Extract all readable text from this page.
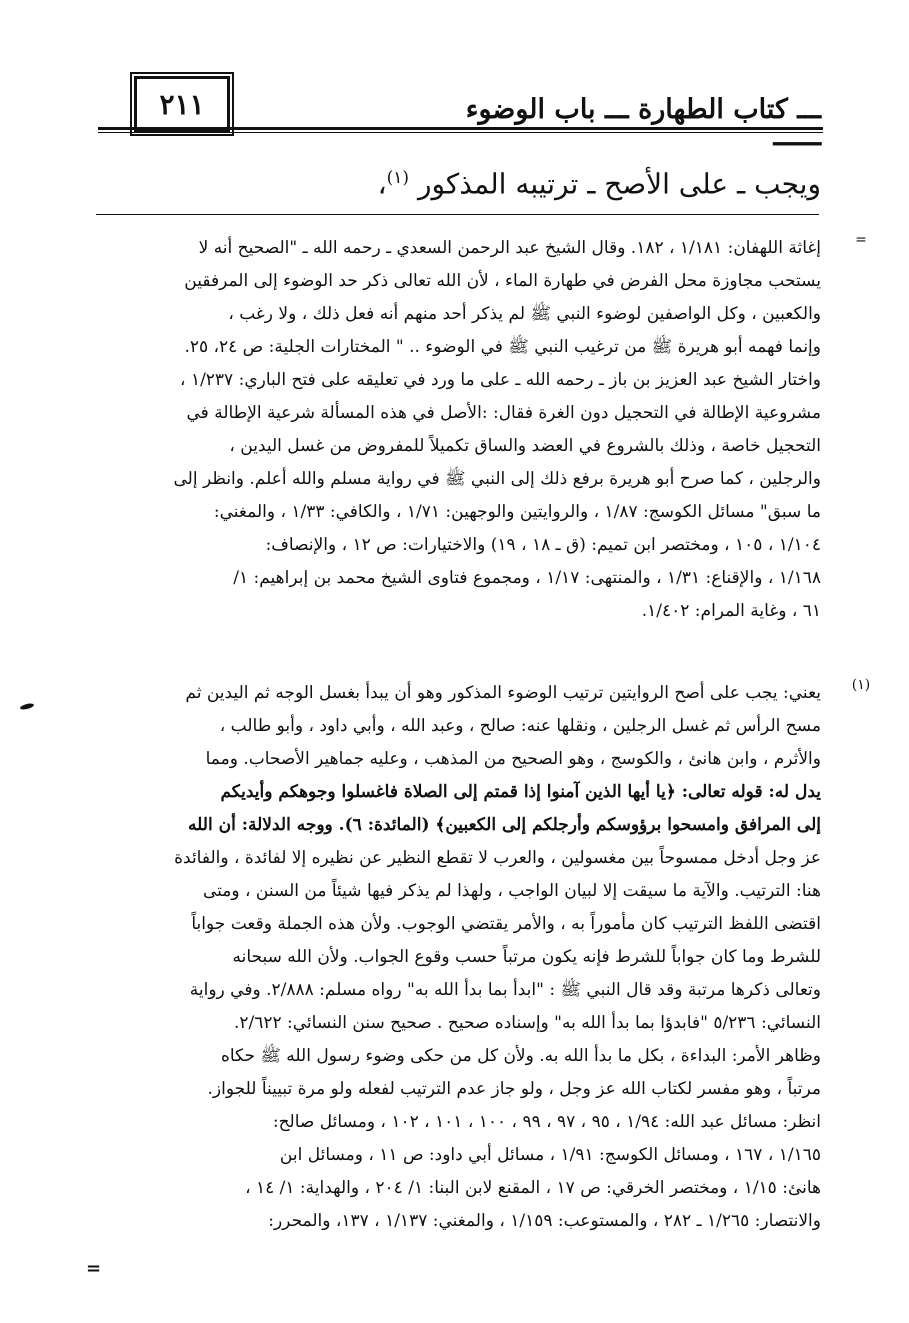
٢١١	ـــ كتاب الطهارة ـــ باب الوضوء ــــــ
ويجب ـ على الأصح ـ ترتيبه المذكور $^{(١)}$،
=
إغاثة اللهفان: ١/١٨١ ، ١٨٢. وقال الشيخ عبد الرحمن السعدي ـ رحمه الله ـ "الصحيح أنه لا
يستحب مجاوزة محل الفرض في طهارة الماء ، لأن الله تعالى ذكر حد الوضوء إلى المرفقين
والكعبين ، وكل الواصفين لوضوء النبي ﷺ لم يذكر أحد منهم أنه فعل ذلك ، ولا رغب ،
وإنما فهمه أبو هريرة ﷺ من ترغيب النبي ﷺ في الوضوء .. " المختارات الجلية: ص ٢٤، ٢٥.
واختار الشيخ عبد العزيز بن باز ـ رحمه الله ـ على ما ورد في تعليقه على فتح الباري: ١/٢٣٧ ،
مشروعية الإطالة في التحجيل دون الغرة فقال: :الأصل في هذه المسألة شرعية الإطالة في
التحجيل خاصة ، وذلك بالشروع في العضد والساق تكميلاً للمفروض من غسل اليدين ،
والرجلين ، كما صرح أبو هريرة برفع ذلك إلى النبي ﷺ في رواية مسلم والله أعلم. وانظر إلى
ما سبق" مسائل الكوسج: ١/٨٧ ، والروايتين والوجهين: ١/٧١ ، والكافي: ١/٣٣ ، والمغني:
١/١٠٤ ، ١٠٥ ، ومختصر ابن تميم: (ق ـ ١٨ ، ١٩) والاختيارات: ص ١٢ ، والإنصاف:
١/١٦٨ ، والإقناع: ١/٣١ ، والمنتهى: ١/١٧ ، ومجموع فتاوى الشيخ محمد بن إبراهيم: ١/
٦١ ، وغاية المرام: ١/٤٠٢.
(١)
يعني: يجب على أصح الروايتين ترتيب الوضوء المذكور وهو أن يبدأ بغسل الوجه ثم اليدين ثم
مسح الرأس ثم غسل الرجلين ، ونقلها عنه: صالح ، وعبد الله ، وأبي داود ، وأبو طالب ،
والأثرم ، وابن هانئ ، والكوسج ، وهو الصحيح من المذهب ، وعليه جماهير الأصحاب. ومما
يدل له: قوله تعالى: ﴿يا أيها الذين آمنوا إذا قمتم إلى الصلاة فاغسلوا وجوهكم وأيديكم
إلى المرافق وامسحوا برؤوسكم وأرجلكم إلى الكعبين﴾ (المائدة: ٦). ووجه الدلالة: أن الله
عز وجل أدخل ممسوحاً بين مغسولين ، والعرب لا تقطع النظير عن نظيره إلا لفائدة ، والفائدة
هنا: الترتيب. والآية ما سيقت إلا لبيان الواجب ، ولهذا لم يذكر فيها شيئاً من السنن ، ومتى
اقتضى اللفظ الترتيب كان مأموراً به ، والأمر يقتضي الوجوب. ولأن هذه الجملة وقعت جواباً
للشرط وما كان جواباً للشرط فإنه يكون مرتباً حسب وقوع الجواب. ولأن الله سبحانه
وتعالى ذكرها مرتبة وقد قال النبي ﷺ : "ابدأ بما بدأ الله به" رواه مسلم: ٢/٨٨٨. وفي رواية
النسائي: ٥/٢٣٦ "فابدؤا بما بدأ الله به" وإسناده صحيح . صحيح سنن النسائي: ٢/٦٢٢.
وظاهر الأمر: البداءة ، بكل ما بدأ الله به. ولأن كل من حكى وضوء رسول الله ﷺ حكاه
مرتباً ، وهو مفسر لكتاب الله عز وجل ، ولو جاز عدم الترتيب لفعله ولو مرة تبييناً للجواز.
انظر: مسائل عبد الله: ١/٩٤ ، ٩٥ ، ٩٧ ، ٩٩ ، ١٠٠ ، ١٠١ ، ١٠٢ ، ومسائل صالح:
١/١٦٥ ، ١٦٧ ، ومسائل الكوسج: ١/٩١ ، مسائل أبي داود: ص ١١ ، ومسائل ابن
هانئ: ١/١٥ ، ومختصر الخرقي: ص ١٧ ، المقنع لابن البنا: ١/ ٢٠٤ ، والهداية: ١/ ١٤ ،
والانتصار: ١/٢٦٥ ـ ٢٨٢ ، والمستوعب: ١/١٥٩ ، والمغني: ١/١٣٧ ، ١٣٧، والمحرر:
=
